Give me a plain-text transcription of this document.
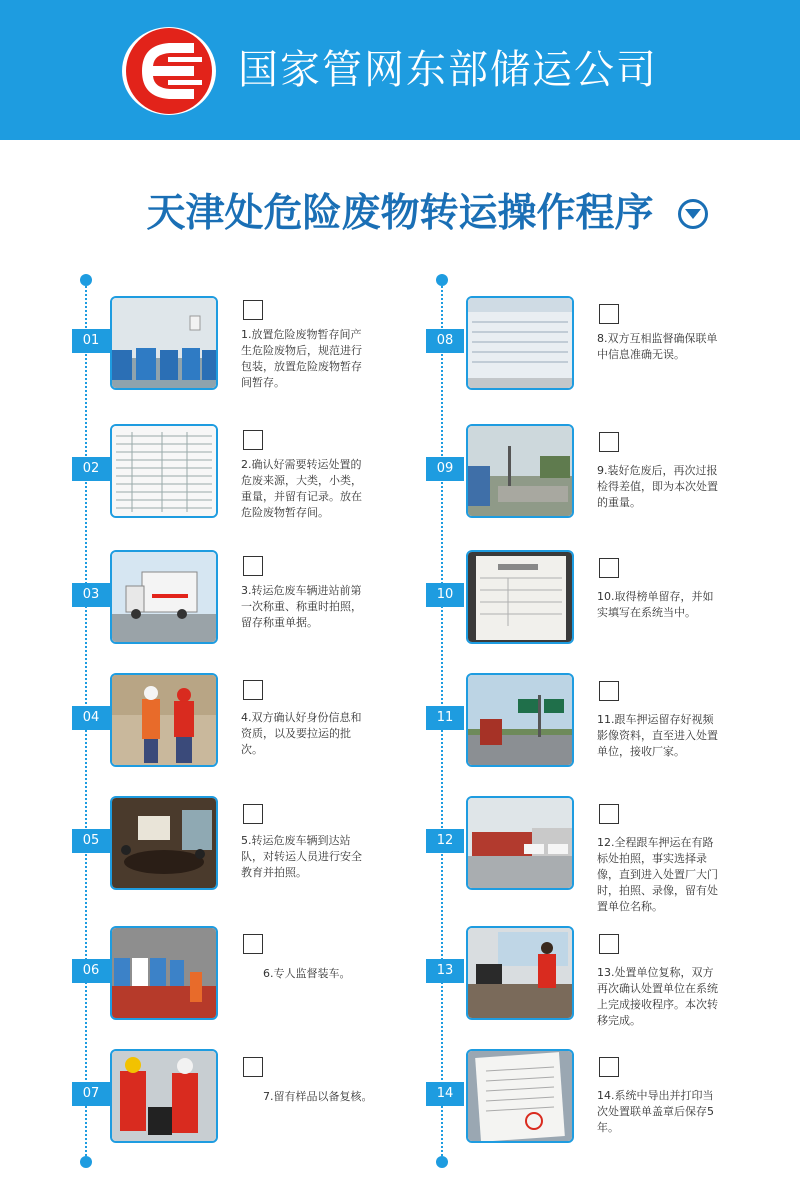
国家管网东部储运公司
天津处危险废物转运操作程序
01	1.放置危险废物暂存间产生危险废物后，规范进行包装，放置危险废物暂存间暂存。
02	2.确认好需要转运处置的危废来源，大类，小类，重量，并留有记录。放在危险废物暂存间。
03	3.转运危废车辆进站前第一次称重、称重时拍照，留存称重单据。
04	4.双方确认好身份信息和资质，以及要拉运的批次。
05	5.转运危废车辆到达站队，对转运人员进行安全教育并拍照。
06	6.专人监督装车。
07	7.留有样品以备复核。
08	8.双方互相监督确保联单中信息准确无误。
09	9.装好危废后，再次过报检得差值，即为本次处置的重量。
10	10.取得榜单留存，并如实填写在系统当中。
11	11.跟车押运留存好视频影像资料，直至进入处置单位，接收厂家。
12	12.全程跟车押运在有路标处拍照，事实选择录像，直到进入处置厂大门时，拍照、录像，留有处置单位名称。
13	13.处置单位复称，双方再次确认处置单位在系统上完成接收程序。本次转移完成。
14	14.系统中导出并打印当次处置联单盖章后保存5年。
